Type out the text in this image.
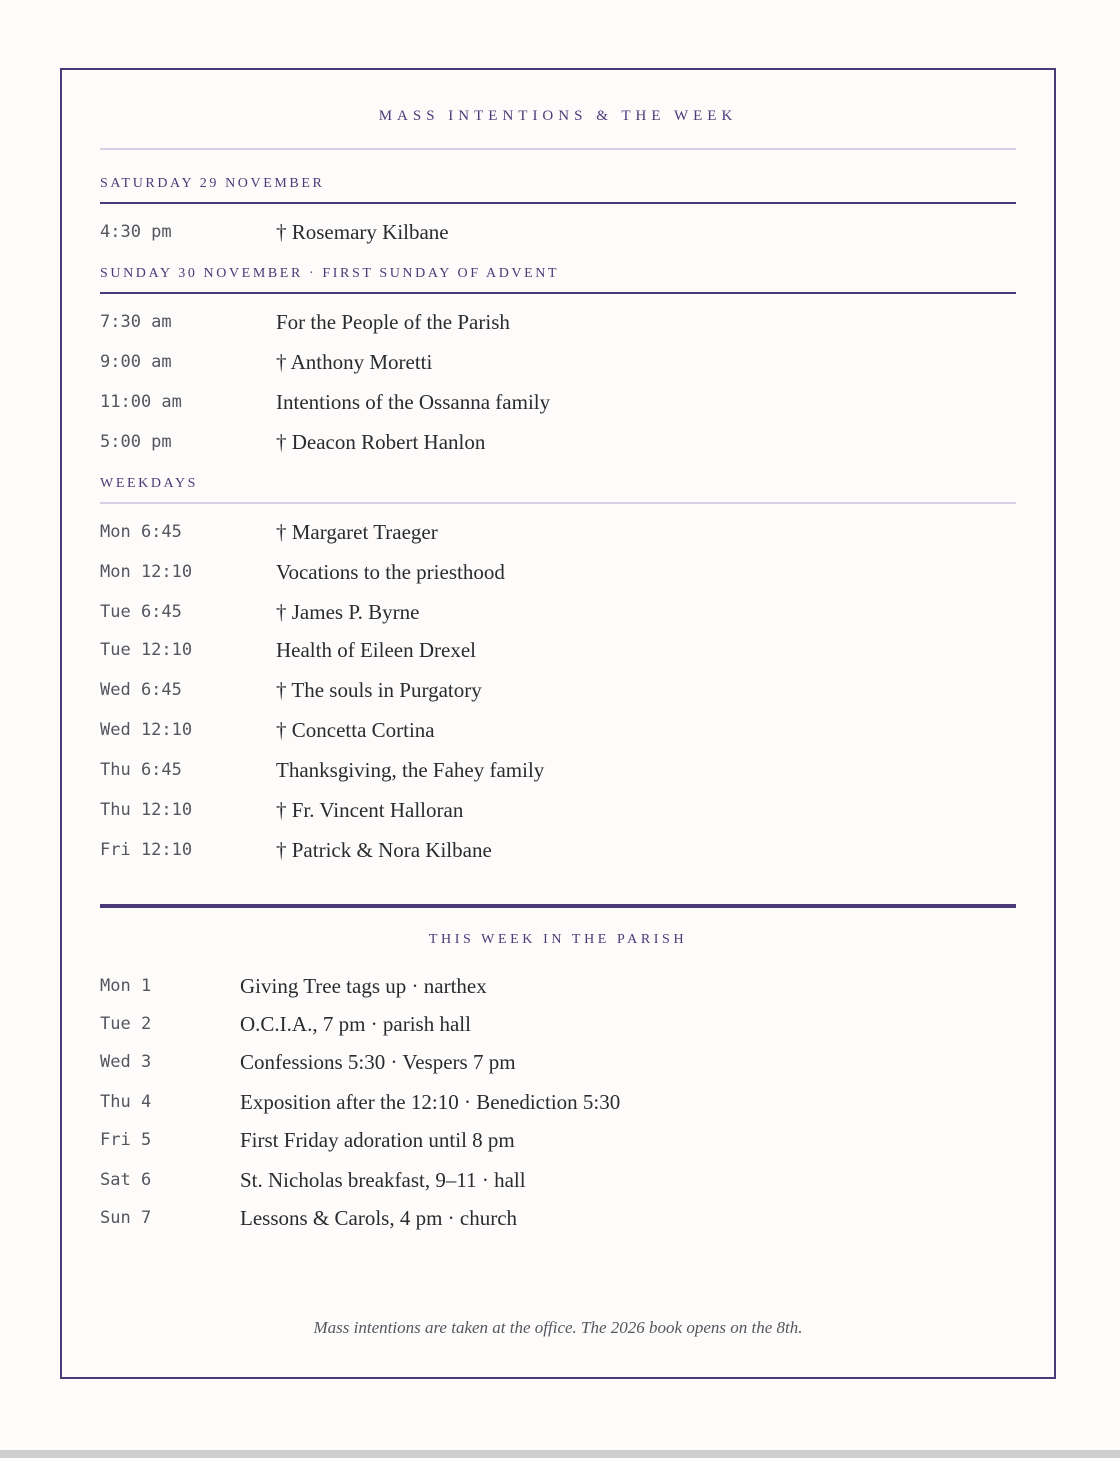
MASS INTENTIONS & THE WEEK
SATURDAY 29 NOVEMBER
4:30 pm	† Rosemary Kilbane
SUNDAY 30 NOVEMBER · FIRST SUNDAY OF ADVENT
7:30 am	For the People of the Parish
9:00 am	† Anthony Moretti
11:00 am	Intentions of the Ossanna family
5:00 pm	† Deacon Robert Hanlon
WEEKDAYS
Mon 6:45	† Margaret Traeger
Mon 12:10	Vocations to the priesthood
Tue 6:45	† James P. Byrne
Tue 12:10	Health of Eileen Drexel
Wed 6:45	† The souls in Purgatory
Wed 12:10	† Concetta Cortina
Thu 6:45	Thanksgiving, the Fahey family
Thu 12:10	† Fr. Vincent Halloran
Fri 12:10	† Patrick & Nora Kilbane
THIS WEEK IN THE PARISH
Mon 1	Giving Tree tags up · narthex
Tue 2	O.C.I.A., 7 pm · parish hall
Wed 3	Confessions 5:30 · Vespers 7 pm
Thu 4	Exposition after the 12:10 · Benediction 5:30
Fri 5	First Friday adoration until 8 pm
Sat 6	St. Nicholas breakfast, 9–11 · hall
Sun 7	Lessons & Carols, 4 pm · church
Mass intentions are taken at the office. The 2026 book opens on the 8th.
